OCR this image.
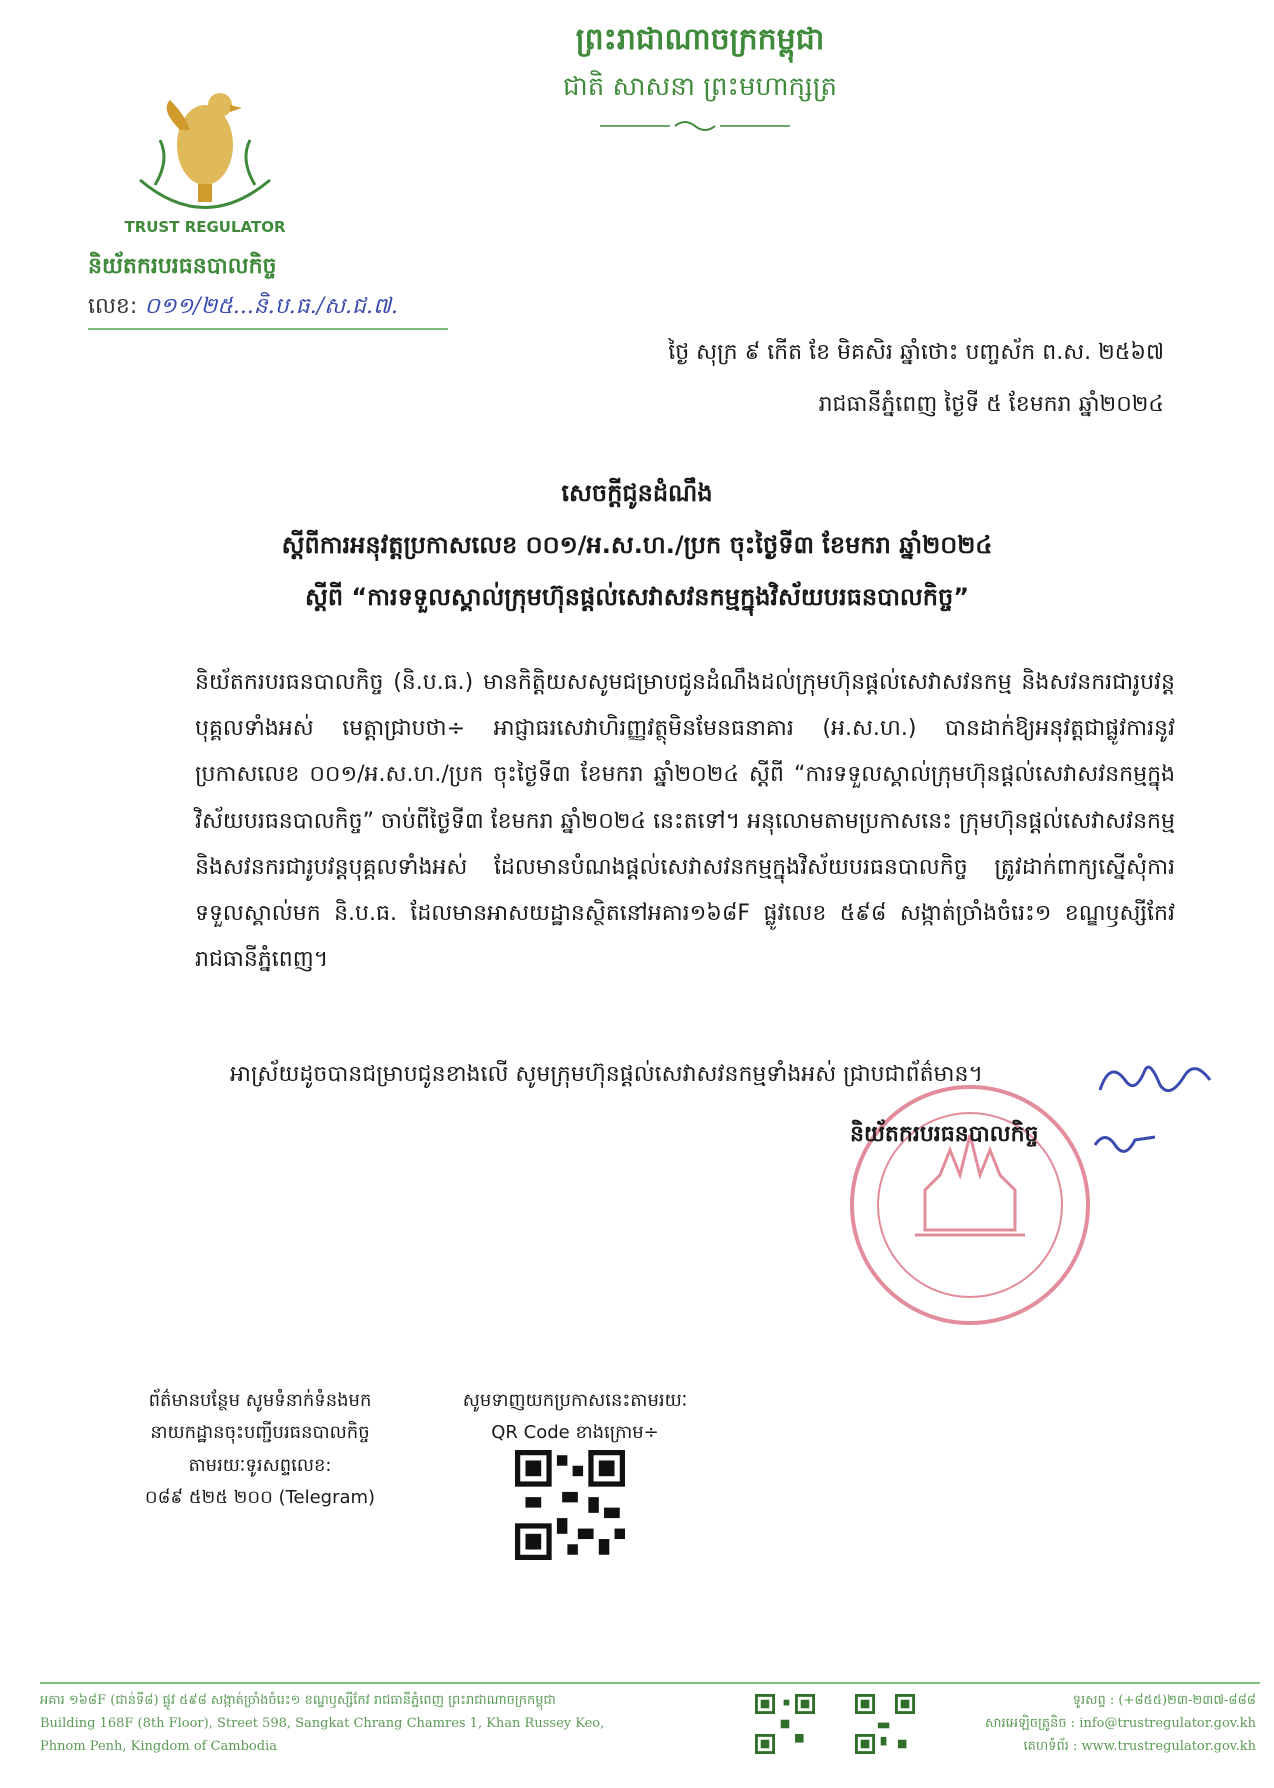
TRUST REGULATOR
និយ័តករបរធនបាលកិច្ច
លេខ: ០១១/២៥...និ.ប.ធ./ស.ជ.៧.
ព្រះរាជាណាចក្រកម្ពុជា
ជាតិ សាសនា ព្រះមហាក្សត្រ
ថ្ងៃ សុក្រ ៩ កើត ខែ មិគសិរ ឆ្នាំថោះ បញ្ចស័ក ព.ស. ២៥៦៧
រាជធានីភ្នំពេញ ថ្ងៃទី ៥ ខែមករា ឆ្នាំ២០២៤
សេចក្តីជូនដំណឹង
ស្តីពីការអនុវត្តប្រកាសលេខ ០០១/អ.ស.ហ./ប្រក ចុះថ្ងៃទី៣ ខែមករា ឆ្នាំ២០២៤
ស្តីពី “ការទទួលស្គាល់ក្រុមហ៊ុនផ្តល់សេវាសវនកម្មក្នុងវិស័យបរធនបាលកិច្ច”
និយ័តករបរធនបាលកិច្ច (និ.ប.ធ.) មានកិត្តិយសសូមជម្រាបជូនដំណឹងដល់ក្រុមហ៊ុនផ្តល់សេវាសវនកម្ម និងសវនករជារូបវន្តបុគ្គលទាំងអស់ មេត្តាជ្រាបថា÷ អាជ្ញាធរសេវាហិរញ្ញវត្ថុមិនមែនធនាគារ (អ.ស.ហ.) បានដាក់ឱ្យអនុវត្តជាផ្លូវការនូវប្រកាសលេខ ០០១/អ.ស.ហ./ប្រក ចុះថ្ងៃទី៣ ខែមករា ឆ្នាំ២០២៤ ស្តីពី “ការទទួលស្គាល់ក្រុមហ៊ុនផ្តល់សេវាសវនកម្មក្នុងវិស័យបរធនបាលកិច្ច” ចាប់ពីថ្ងៃទី៣ ខែមករា ឆ្នាំ២០២៤ នេះតទៅ។ អនុលោមតាមប្រកាសនេះ ក្រុមហ៊ុនផ្តល់សេវាសវនកម្ម និងសវនករជារូបវន្តបុគ្គលទាំងអស់ ដែលមានបំណងផ្តល់សេវាសវនកម្មក្នុងវិស័យបរធនបាលកិច្ច ត្រូវដាក់ពាក្យស្នើសុំការទទួលស្គាល់មក និ.ប.ធ. ដែលមានអាសយដ្ឋានស្ថិតនៅអគារ១៦៨F ផ្លូវលេខ ៥៩៨ សង្កាត់ច្រាំងចំរេះ១ ខណ្ឌឫស្សីកែវ រាជធានីភ្នំពេញ។
អាស្រ័យដូចបានជម្រាបជូនខាងលើ សូមក្រុមហ៊ុនផ្តល់សេវាសវនកម្មទាំងអស់ ជ្រាបជាព័ត៌មាន។
និយ័តករបរធនបាលកិច្ច
ព័ត៌មានបន្ថែម សូមទំនាក់ទំនងមក
នាយកដ្ឋានចុះបញ្ជីបរធនបាលកិច្ច
តាមរយៈទូរសព្ទលេខ:
០៨៩ ៥២៥ ២០០ (Telegram)
សូមទាញយកប្រកាសនេះតាមរយៈ
QR Code ខាងក្រោម÷
អគារ ១៦៨F (ជាន់ទី៨) ផ្លូវ ៥៩៨ សង្កាត់ច្រាំងចំរេះ១ ខណ្ឌឫស្សីកែវ រាជធានីភ្នំពេញ ព្រះរាជាណាចក្រកម្ពុជា
Building 168F (8th Floor), Street 598, Sangkat Chrang Chamres 1, Khan Russey Keo,
Phnom Penh, Kingdom of Cambodia
ទូរសព្ទ : (+៨៥៥)២៣-២៣៧-៨៨៨
សារអេឡិចត្រូនិច : info@trustregulator.gov.kh
គេហទំព័រ : www.trustregulator.gov.kh
